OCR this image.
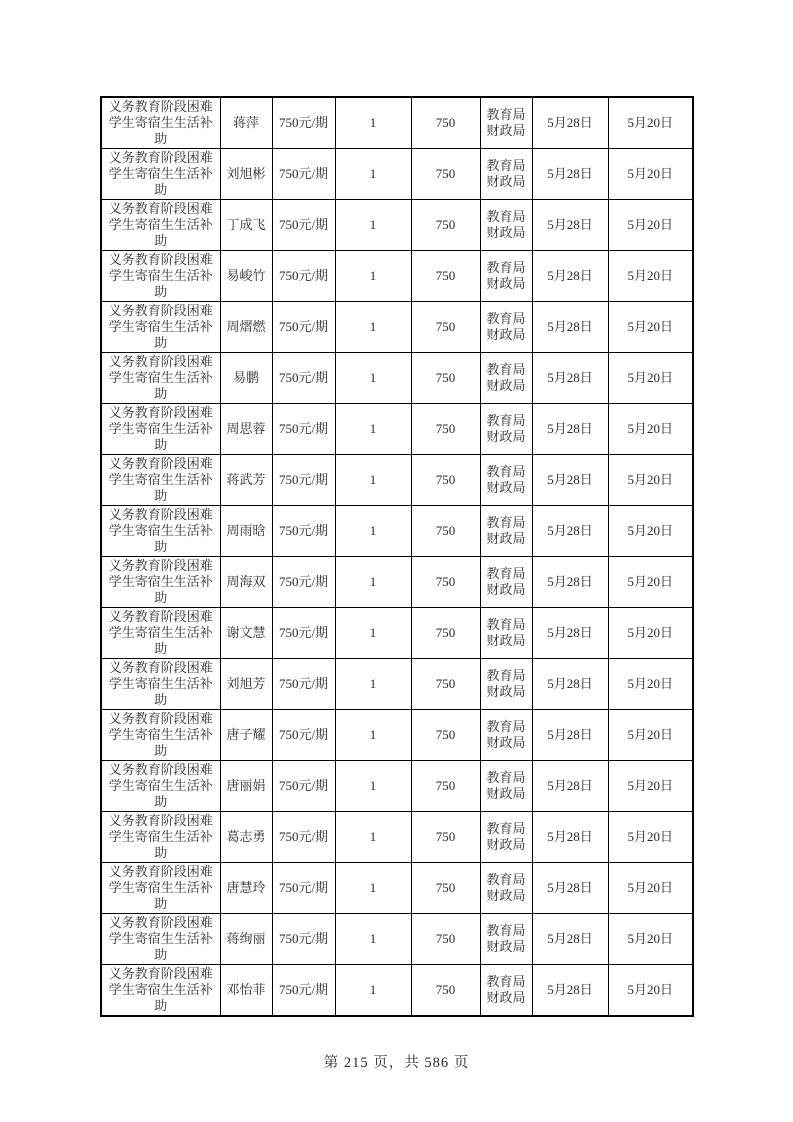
义务教育阶段困难学生寄宿生生活补助	蒋萍	750元/期	1	750	教育局财政局	5月28日	5月20日
义务教育阶段困难学生寄宿生生活补助	刘旭彬	750元/期	1	750	教育局财政局	5月28日	5月20日
义务教育阶段困难学生寄宿生生活补助	丁成飞	750元/期	1	750	教育局财政局	5月28日	5月20日
义务教育阶段困难学生寄宿生生活补助	易峻竹	750元/期	1	750	教育局财政局	5月28日	5月20日
义务教育阶段困难学生寄宿生生活补助	周熠燃	750元/期	1	750	教育局财政局	5月28日	5月20日
义务教育阶段困难学生寄宿生生活补助	易鹏	750元/期	1	750	教育局财政局	5月28日	5月20日
义务教育阶段困难学生寄宿生生活补助	周思蓉	750元/期	1	750	教育局财政局	5月28日	5月20日
义务教育阶段困难学生寄宿生生活补助	蒋武芳	750元/期	1	750	教育局财政局	5月28日	5月20日
义务教育阶段困难学生寄宿生生活补助	周雨晗	750元/期	1	750	教育局财政局	5月28日	5月20日
义务教育阶段困难学生寄宿生生活补助	周海双	750元/期	1	750	教育局财政局	5月28日	5月20日
义务教育阶段困难学生寄宿生生活补助	谢文慧	750元/期	1	750	教育局财政局	5月28日	5月20日
义务教育阶段困难学生寄宿生生活补助	刘旭芳	750元/期	1	750	教育局财政局	5月28日	5月20日
义务教育阶段困难学生寄宿生生活补助	唐子耀	750元/期	1	750	教育局财政局	5月28日	5月20日
义务教育阶段困难学生寄宿生生活补助	唐丽娟	750元/期	1	750	教育局财政局	5月28日	5月20日
义务教育阶段困难学生寄宿生生活补助	葛志勇	750元/期	1	750	教育局财政局	5月28日	5月20日
义务教育阶段困难学生寄宿生生活补助	唐慧玲	750元/期	1	750	教育局财政局	5月28日	5月20日
义务教育阶段困难学生寄宿生生活补助	蒋绚丽	750元/期	1	750	教育局财政局	5月28日	5月20日
义务教育阶段困难学生寄宿生生活补助	邓怡菲	750元/期	1	750	教育局财政局	5月28日	5月20日
第 215 页，共 586 页
